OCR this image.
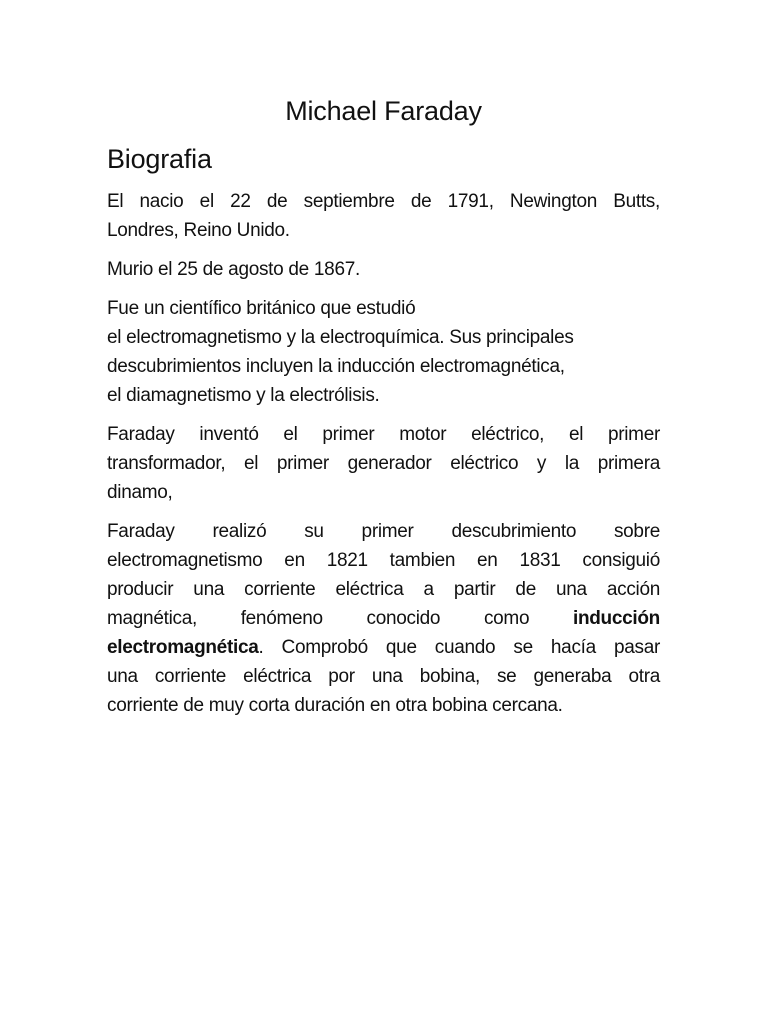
Michael Faraday
Biografia

El nacio el 22 de septiembre de 1791, Newington Butts,
Londres, Reino Unido.

Murio el 25 de agosto de 1867.

Fue un científico británico que estudió
el electromagnetismo y la electroquímica. Sus principales
descubrimientos incluyen la inducción electromagnética,
el diamagnetismo y la electrólisis.

Faraday inventó el primer motor eléctrico, el primer
transformador, el primer generador eléctrico y la primera
dinamo,

Faraday realizó su primer descubrimiento sobre
electromagnetismo en 1821 tambien en 1831 consiguió
producir una corriente eléctrica a partir de una acción
magnética, fenómeno conocido como inducción
electromagnética. Comprobó que cuando se hacía pasar
una corriente eléctrica por una bobina, se generaba otra
corriente de muy corta duración en otra bobina cercana.
